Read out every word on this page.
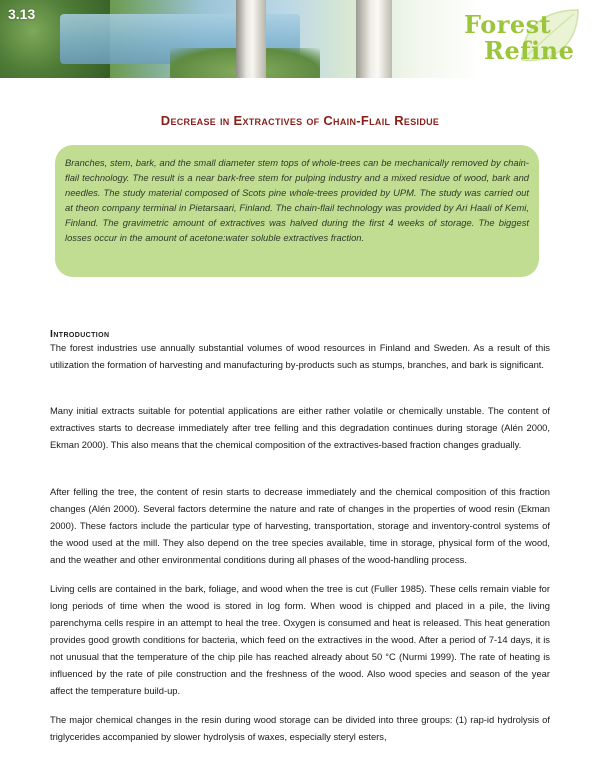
3.13	Forest
Refine
Decrease in Extractives of Chain-Flail Residue

Branches, stem, bark, and the small diameter stem tops of whole-trees can be mechanically removed by chain-flail technology. The result is a near bark-free stem for pulping industry and a mixed residue of wood, bark and needles. The study material composed of Scots pine whole-trees provided by UPM. The study was carried out at theon company terminal in Pietarsaari, Finland. The chain-flail technology was provided by Ari Haali of Kemi, Finland. The gravimetric amount of extractives was halved during the first 4 weeks of storage. The biggest losses occur in the amount of acetone:water soluble extractives fraction.

Introduction

The forest industries use annually substantial volumes of wood resources in Finland and Sweden. As a result of this utilization the formation of harvesting and manufacturing by-products such as stumps, branches, and bark is significant.

Many initial extracts suitable for potential applications are either rather volatile or chemically unstable. The content of extractives starts to decrease immediately after tree felling and this degradation continues during storage (Alén 2000, Ekman 2000). This also means that the chemical composition of the extractives-based fraction changes gradually.

After felling the tree, the content of resin starts to decrease immediately and the chemical composition of this fraction changes (Alén 2000). Several factors determine the nature and rate of changes in the properties of wood resin (Ekman 2000). These factors include the particular type of harvesting, transportation, storage and inventory-control systems of the wood used at the mill. They also depend on the tree species available, time in storage, physical form of the wood, and the weather and other environmental conditions during all phases of the wood-handling process.

Living cells are contained in the bark, foliage, and wood when the tree is cut (Fuller 1985). These cells remain viable for long periods of time when the wood is stored in log form. When wood is chipped and placed in a pile, the living parenchyma cells respire in an attempt to heal the tree. Oxygen is consumed and heat is released. This heat generation provides good growth conditions for bacteria, which feed on the extractives in the wood. After a period of 7-14 days, it is not unusual that the temperature of the chip pile has reached already about 50 °C (Nurmi 1999). The rate of heating is influenced by the rate of pile construction and the freshness of the wood. Also wood species and season of the year affect the temperature build-up.

The major chemical changes in the resin during wood storage can be divided into three groups: (1) rap-id hydrolysis of triglycerides accompanied by slower hydrolysis of waxes, especially steryl esters,
